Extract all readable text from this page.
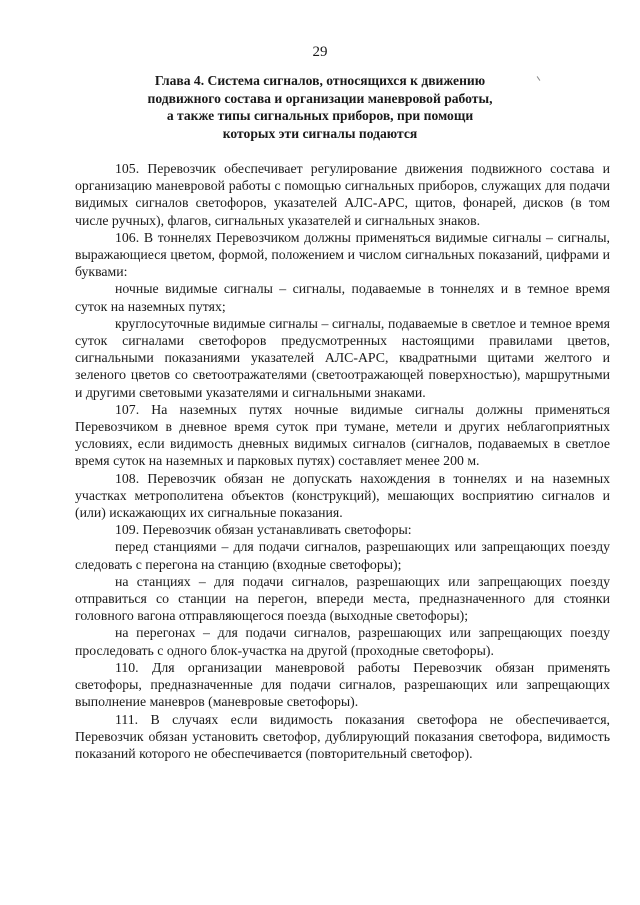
29
Глава 4. Система сигналов, относящихся к движению
подвижного состава и организации маневровой работы,
а также типы сигнальных приборов, при помощи
которых эти сигналы подаются

105. Перевозчик обеспечивает регулирование движения подвижного состава и организацию маневровой работы с помощью сигнальных приборов, служащих для подачи видимых сигналов светофоров, указателей АЛС-АРС, щитов, фонарей, дисков (в том числе ручных), флагов, сигнальных указателей и сигнальных знаков.

106. В тоннелях Перевозчиком должны применяться видимые сигналы – сигналы, выражающиеся цветом, формой, положением и числом сигнальных показаний, цифрами и буквами:

ночные видимые сигналы – сигналы, подаваемые в тоннелях и в темное время суток на наземных путях;

круглосуточные видимые сигналы – сигналы, подаваемые в светлое и темное время суток сигналами светофоров предусмотренных настоящими правилами цветов, сигнальными показаниями указателей АЛС-АРС, квадратными щитами желтого и зеленого цветов со светоотражателями (светоотражающей поверхностью), маршрутными и другими световыми указателями и сигнальными знаками.

107. На наземных путях ночные видимые сигналы должны применяться Перевозчиком в дневное время суток при тумане, метели и других неблагоприятных условиях, если видимость дневных видимых сигналов (сигналов, подаваемых в светлое время суток на наземных и парковых путях) составляет менее 200 м.

108. Перевозчик обязан не допускать нахождения в тоннелях и на наземных участках метрополитена объектов (конструкций), мешающих восприятию сигналов и (или) искажающих их сигнальные показания.

109. Перевозчик обязан устанавливать светофоры:

перед станциями – для подачи сигналов, разрешающих или запрещающих поезду следовать с перегона на станцию (входные светофоры);

на станциях – для подачи сигналов, разрешающих или запрещающих поезду отправиться со станции на перегон, впереди места, предназначенного для стоянки головного вагона отправляющегося поезда (выходные светофоры);

на перегонах – для подачи сигналов, разрешающих или запрещающих поезду проследовать с одного блок-участка на другой (проходные светофоры).

110. Для организации маневровой работы Перевозчик обязан применять светофоры, предназначенные для подачи сигналов, разрешающих или запрещающих выполнение маневров (маневровые светофоры).

111. В случаях если видимость показания светофора не обеспечивается, Перевозчик обязан установить светофор, дублирующий показания светофора, видимость показаний которого не обеспечивается (повторительный светофор).
